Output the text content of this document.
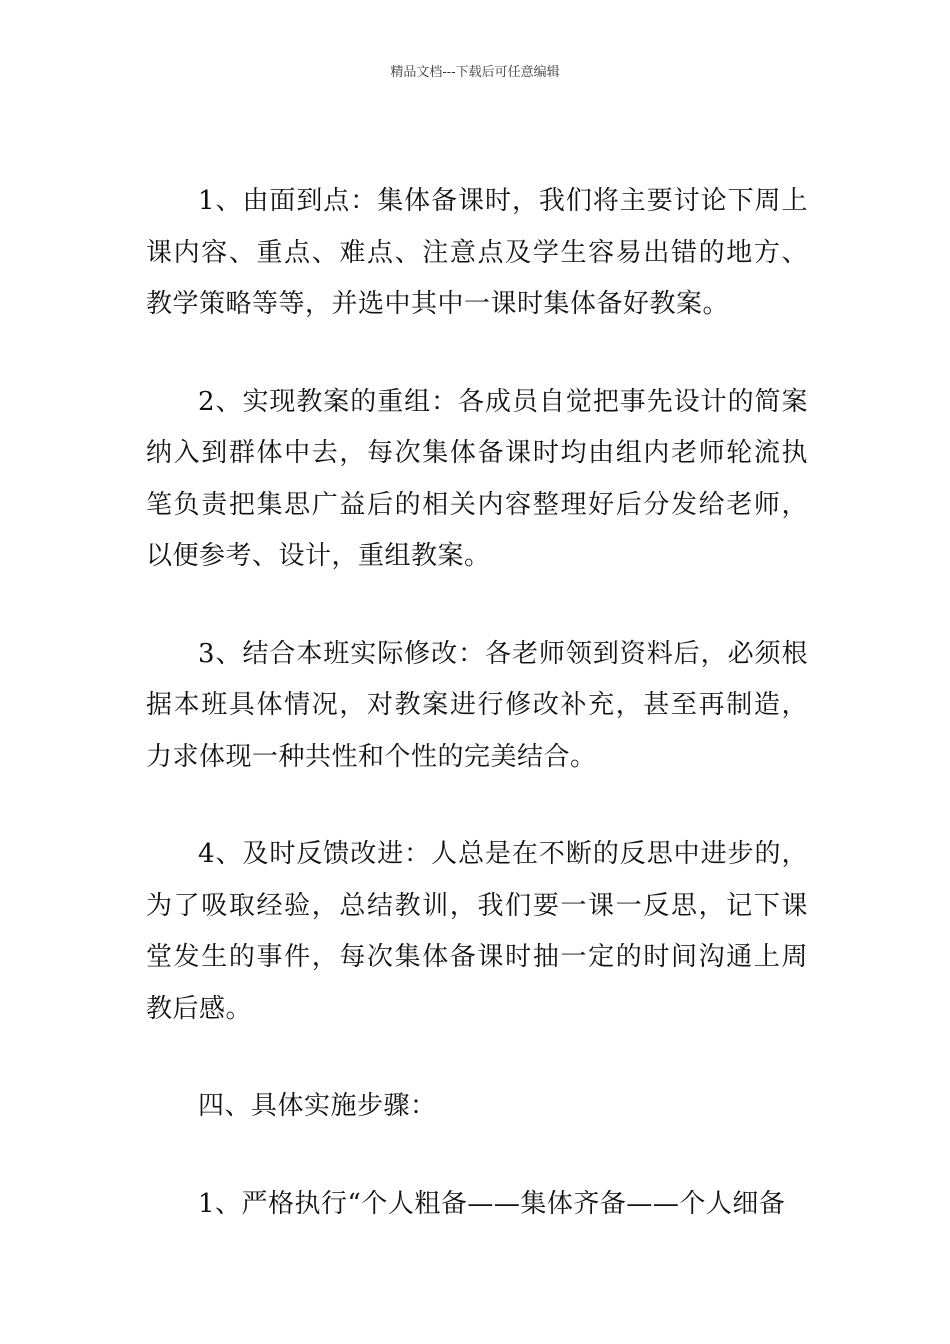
精品文档---下载后可任意编辑

1、由面到点：集体备课时，我们将主要讨论下周上课内容、重点、难点、注意点及学生容易出错的地方、教学策略等等，并选中其中一课时集体备好教案。

2、实现教案的重组：各成员自觉把事先设计的简案纳入到群体中去，每次集体备课时均由组内老师轮流执笔负责把集思广益后的相关内容整理好后分发给老师，以便参考、设计，重组教案。

3、结合本班实际修改：各老师领到资料后，必须根据本班具体情况，对教案进行修改补充，甚至再制造，力求体现一种共性和个性的完美结合。

4、及时反馈改进：人总是在不断的反思中进步的，为了吸取经验，总结教训，我们要一课一反思，记下课堂发生的事件，每次集体备课时抽一定的时间沟通上周教后感。

四、具体实施步骤：

1、严格执行“个人粗备——集体齐备——个人细备
